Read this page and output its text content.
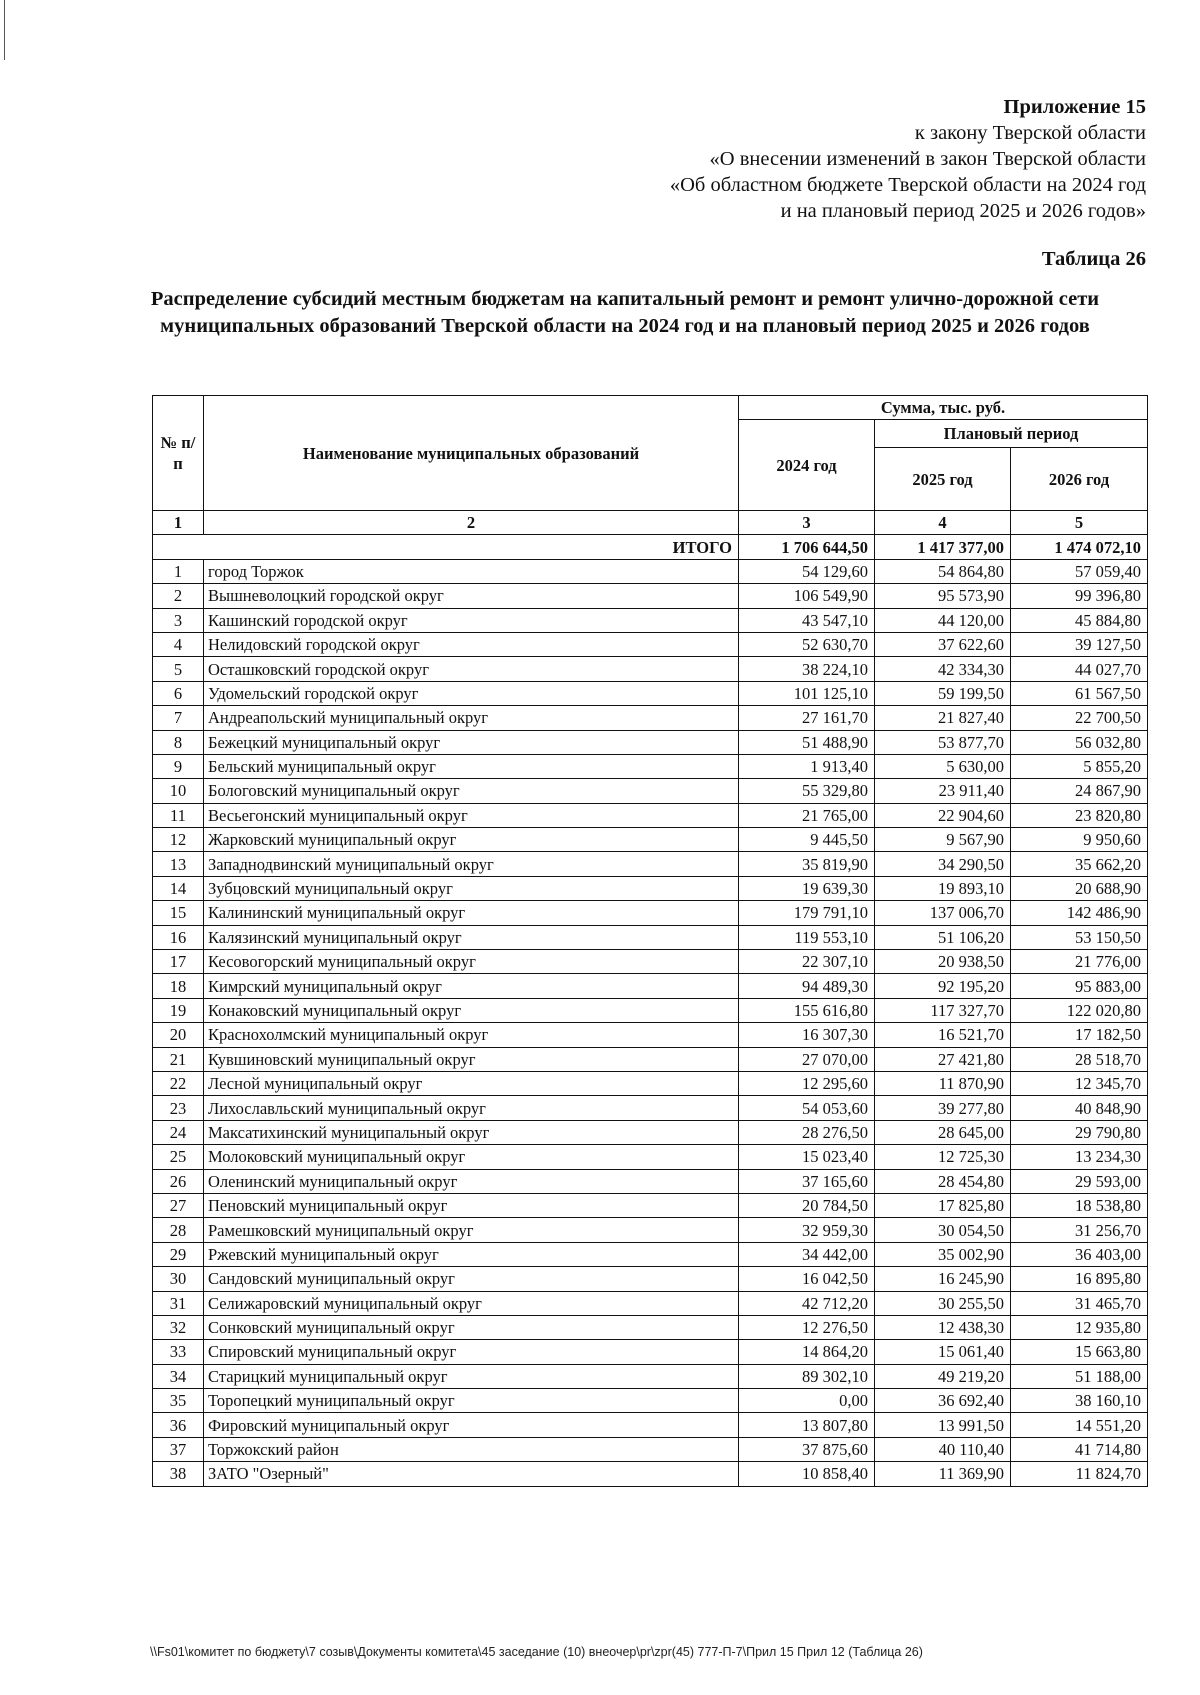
Приложение 15
к закону Тверской области
«О внесении изменений в закон Тверской области
«Об областном бюджете Тверской области на 2024 год
и на плановый период 2025 и 2026 годов»
Таблица 26
Распределение субсидий местным бюджетам на капитальный ремонт и ремонт улично-дорожной сети
муниципальных образований Тверской области на 2024 год и на плановый период 2025 и 2026 годов
№ п/п	Наименование муниципальных образований	Сумма, тыс. руб.		
		2024 год	Плановый период	
			2025 год	2026 год
1	2	3	4	5
ИТОГО		1 706 644,50	1 417 377,00	1 474 072,10
1	город Торжок	54 129,60	54 864,80	57 059,40
2	Вышневолоцкий городской округ	106 549,90	95 573,90	99 396,80
3	Кашинский городской округ	43 547,10	44 120,00	45 884,80
4	Нелидовский городской округ	52 630,70	37 622,60	39 127,50
5	Осташковский городской округ	38 224,10	42 334,30	44 027,70
6	Удомельский городской округ	101 125,10	59 199,50	61 567,50
7	Андреапольский муниципальный округ	27 161,70	21 827,40	22 700,50
8	Бежецкий муниципальный округ	51 488,90	53 877,70	56 032,80
9	Бельский муниципальный округ	1 913,40	5 630,00	5 855,20
10	Бологовский муниципальный округ	55 329,80	23 911,40	24 867,90
11	Весьегонский муниципальный округ	21 765,00	22 904,60	23 820,80
12	Жарковский муниципальный округ	9 445,50	9 567,90	9 950,60
13	Западнодвинский муниципальный округ	35 819,90	34 290,50	35 662,20
14	Зубцовский муниципальный округ	19 639,30	19 893,10	20 688,90
15	Калининский муниципальный округ	179 791,10	137 006,70	142 486,90
16	Калязинский муниципальный округ	119 553,10	51 106,20	53 150,50
17	Кесовогорский муниципальный округ	22 307,10	20 938,50	21 776,00
18	Кимрский муниципальный округ	94 489,30	92 195,20	95 883,00
19	Конаковский муниципальный округ	155 616,80	117 327,70	122 020,80
20	Краснохолмский муниципальный округ	16 307,30	16 521,70	17 182,50
21	Кувшиновский муниципальный округ	27 070,00	27 421,80	28 518,70
22	Лесной муниципальный округ	12 295,60	11 870,90	12 345,70
23	Лихославльский муниципальный округ	54 053,60	39 277,80	40 848,90
24	Максатихинский муниципальный округ	28 276,50	28 645,00	29 790,80
25	Молоковский муниципальный округ	15 023,40	12 725,30	13 234,30
26	Оленинский муниципальный округ	37 165,60	28 454,80	29 593,00
27	Пеновский муниципальный округ	20 784,50	17 825,80	18 538,80
28	Рамешковский муниципальный округ	32 959,30	30 054,50	31 256,70
29	Ржевский муниципальный округ	34 442,00	35 002,90	36 403,00
30	Сандовский муниципальный округ	16 042,50	16 245,90	16 895,80
31	Селижаровский муниципальный округ	42 712,20	30 255,50	31 465,70
32	Сонковский муниципальный округ	12 276,50	12 438,30	12 935,80
33	Спировский муниципальный округ	14 864,20	15 061,40	15 663,80
34	Старицкий муниципальный округ	89 302,10	49 219,20	51 188,00
35	Торопецкий муниципальный округ	0,00	36 692,40	38 160,10
36	Фировский муниципальный округ	13 807,80	13 991,50	14 551,20
37	Торжокский район	37 875,60	40 110,40	41 714,80
38	ЗАТО "Озерный"	10 858,40	11 369,90	11 824,70
\\Fs01\комитет по бюджету\7 созыв\Документы комитета\45 заседание (10) внеочер\pr\zpr(45) 777-П-7\Прил 15 Прил 12 (Таблица 26)
